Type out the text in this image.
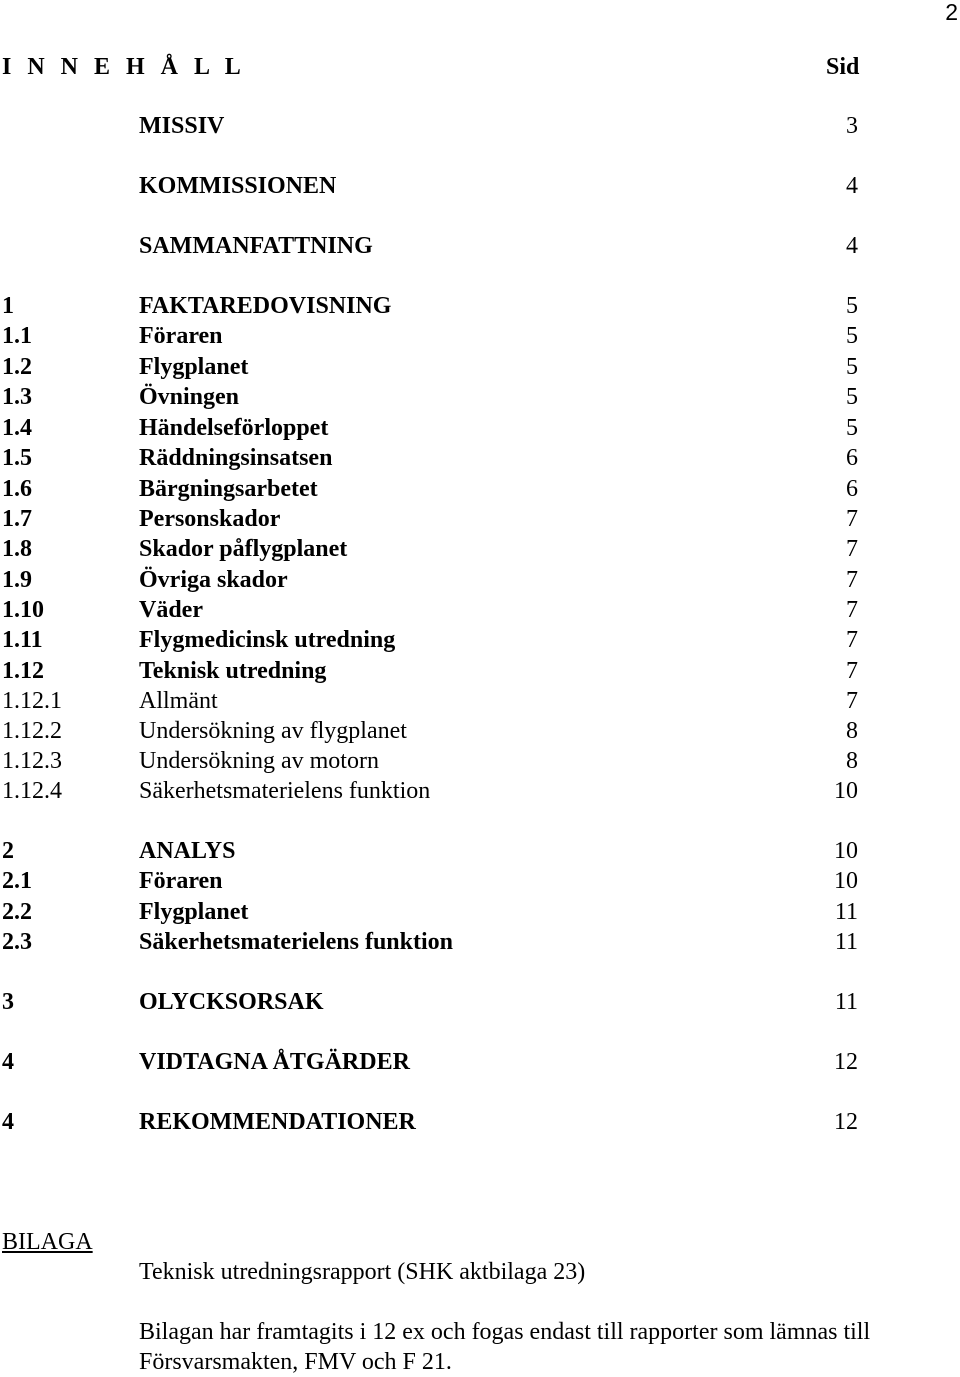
2
I N N E H Å L L	Sid
MISSIV	3
KOMMISSIONEN	4
SAMMANFATTNING	4
1	FAKTAREDOVISNING	5
1.1	Föraren	5
1.2	Flygplanet	5
1.3	Övningen	5
1.4	Händelseförloppet	5
1.5	Räddningsinsatsen	6
1.6	Bärgningsarbetet	6
1.7	Personskador	7
1.8	Skador påflygplanet	7
1.9	Övriga skador	7
1.10	Väder	7
1.11	Flygmedicinsk utredning	7
1.12	Teknisk utredning	7
1.12.1	Allmänt	7
1.12.2	Undersökning av flygplanet	8
1.12.3	Undersökning av motorn	8
1.12.4	Säkerhetsmaterielens funktion	10
2	ANALYS	10
2.1	Föraren	10
2.2	Flygplanet	11
2.3	Säkerhetsmaterielens funktion	11
3	OLYCKSORSAK	11
4	VIDTAGNA ÅTGÄRDER	12
4	REKOMMENDATIONER	12
BILAGA
Teknisk utredningsrapport (SHK aktbilaga 23)
Bilagan har framtagits i 12 ex och fogas endast till rapporter som lämnas till Försvarsmakten, FMV och F 21.
